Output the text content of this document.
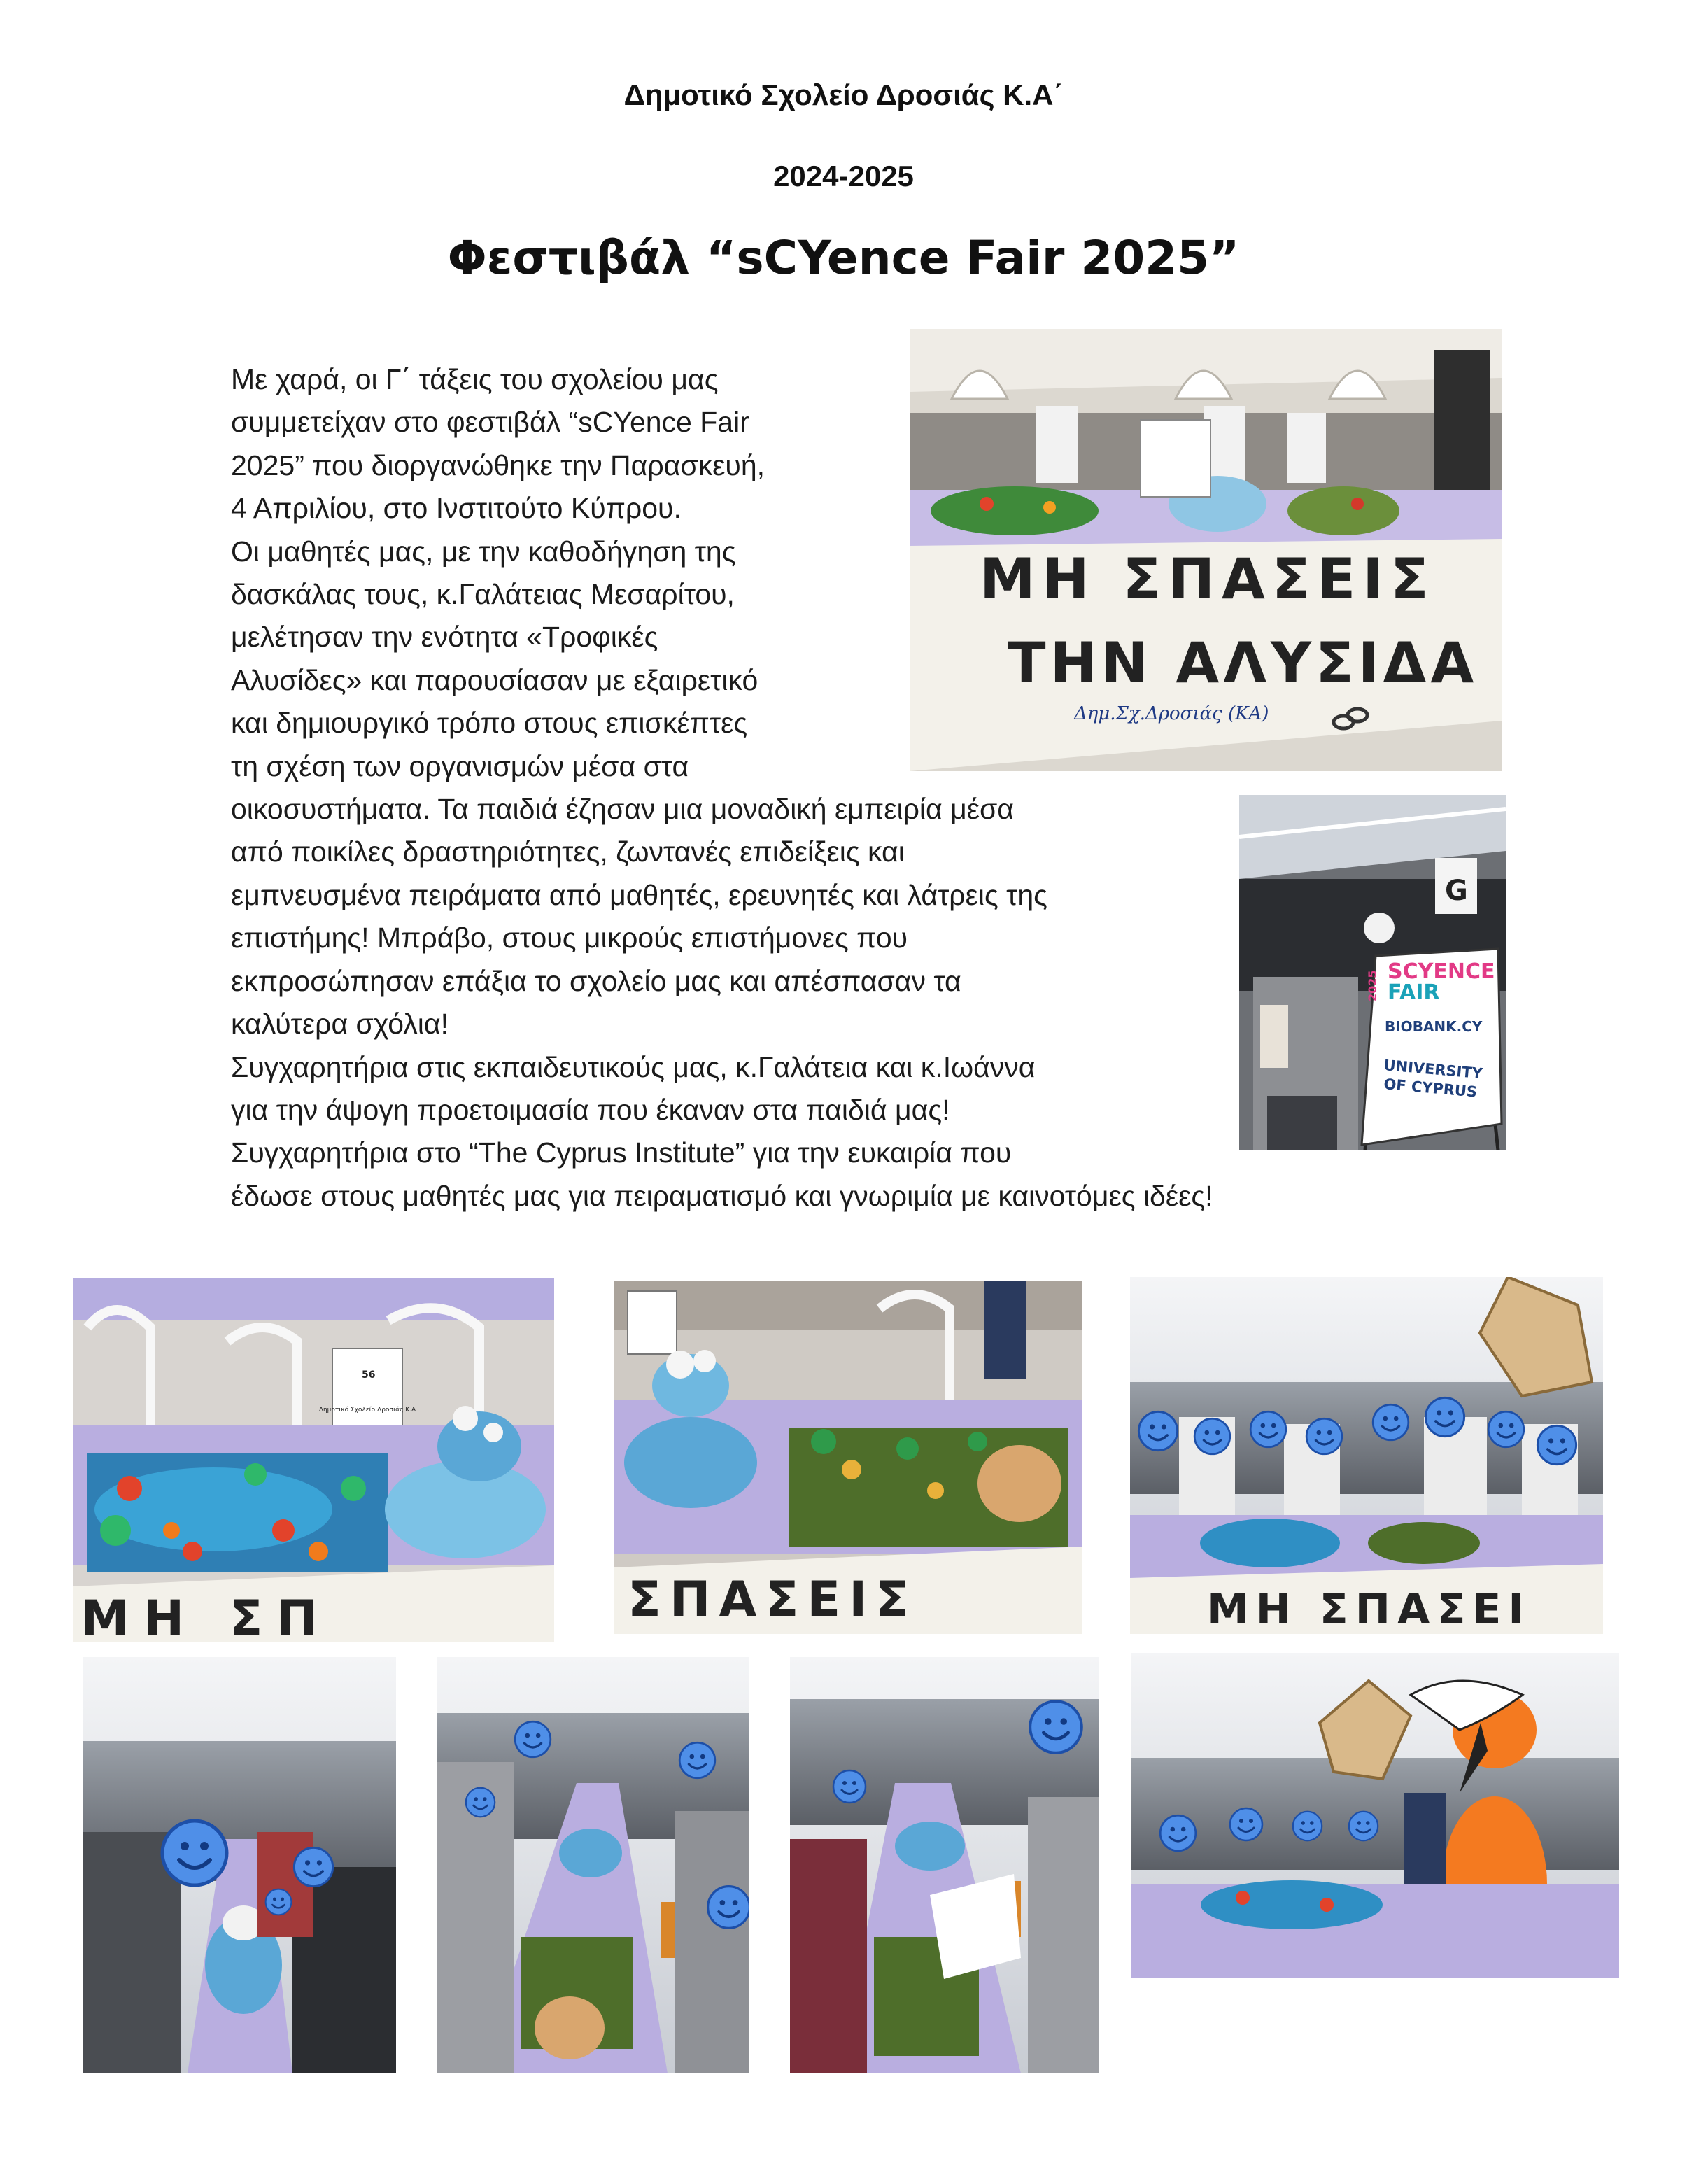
Δημοτικό Σχολείο Δροσιάς Κ.Α΄
2024-2025
Φεστιβάλ “sCYence Fair 2025”
Με χαρά, οι Γ΄ τάξεις του σχολείου μας
συμμετείχαν στο φεστιβάλ “sCYence Fair
2025” που διοργανώθηκε την Παρασκευή,
4 Απριλίου, στο Ινστιτούτο Κύπρου.
Οι μαθητές μας, με την καθοδήγηση της
δασκάλας τους, κ.Γαλάτειας Μεσαρίτου,
μελέτησαν την ενότητα «Τροφικές
Αλυσίδες» και παρουσίασαν με εξαιρετικό
και δημιουργικό τρόπο στους επισκέπτες
τη σχέση των οργανισμών μέσα στα
οικοσυστήματα. Τα παιδιά έζησαν μια μοναδική εμπειρία μέσα
από ποικίλες δραστηριότητες, ζωντανές επιδείξεις και
εμπνευσμένα πειράματα από μαθητές, ερευνητές και λάτρεις της
επιστήμης! Μπράβο, στους μικρούς επιστήμονες που
εκπροσώπησαν επάξια το σχολείο μας και απέσπασαν τα
καλύτερα σχόλια!
Συγχαρητήρια στις εκπαιδευτικούς μας, κ.Γαλάτεια και κ.Ιωάννα
για την άψογη προετοιμασία που έκαναν στα παιδιά μας!
Συγχαρητήρια στο “The Cyprus Institute” για την ευκαιρία που
έδωσε στους μαθητές μας για πειραματισμό και γνωριμία με καινοτόμες ιδέες!
ΜΗ ΣΠΑΣΕΙΣ
ΤΗΝ ΑΛΥΣΙΔΑ
Δημ.Σχ.Δροσιάς (ΚΑ)
G
2025 SCYENCE
FAIR
BIOBANK.CY
UNIVERSITY
OF CYPRUS
56
Δημοτικό Σχολείο Δροσιάς Κ.Α
ΜΗ ΣΠ	ΣΠΑΣΕΙΣ	ΜΗ ΣΠΑΣΕΙ
